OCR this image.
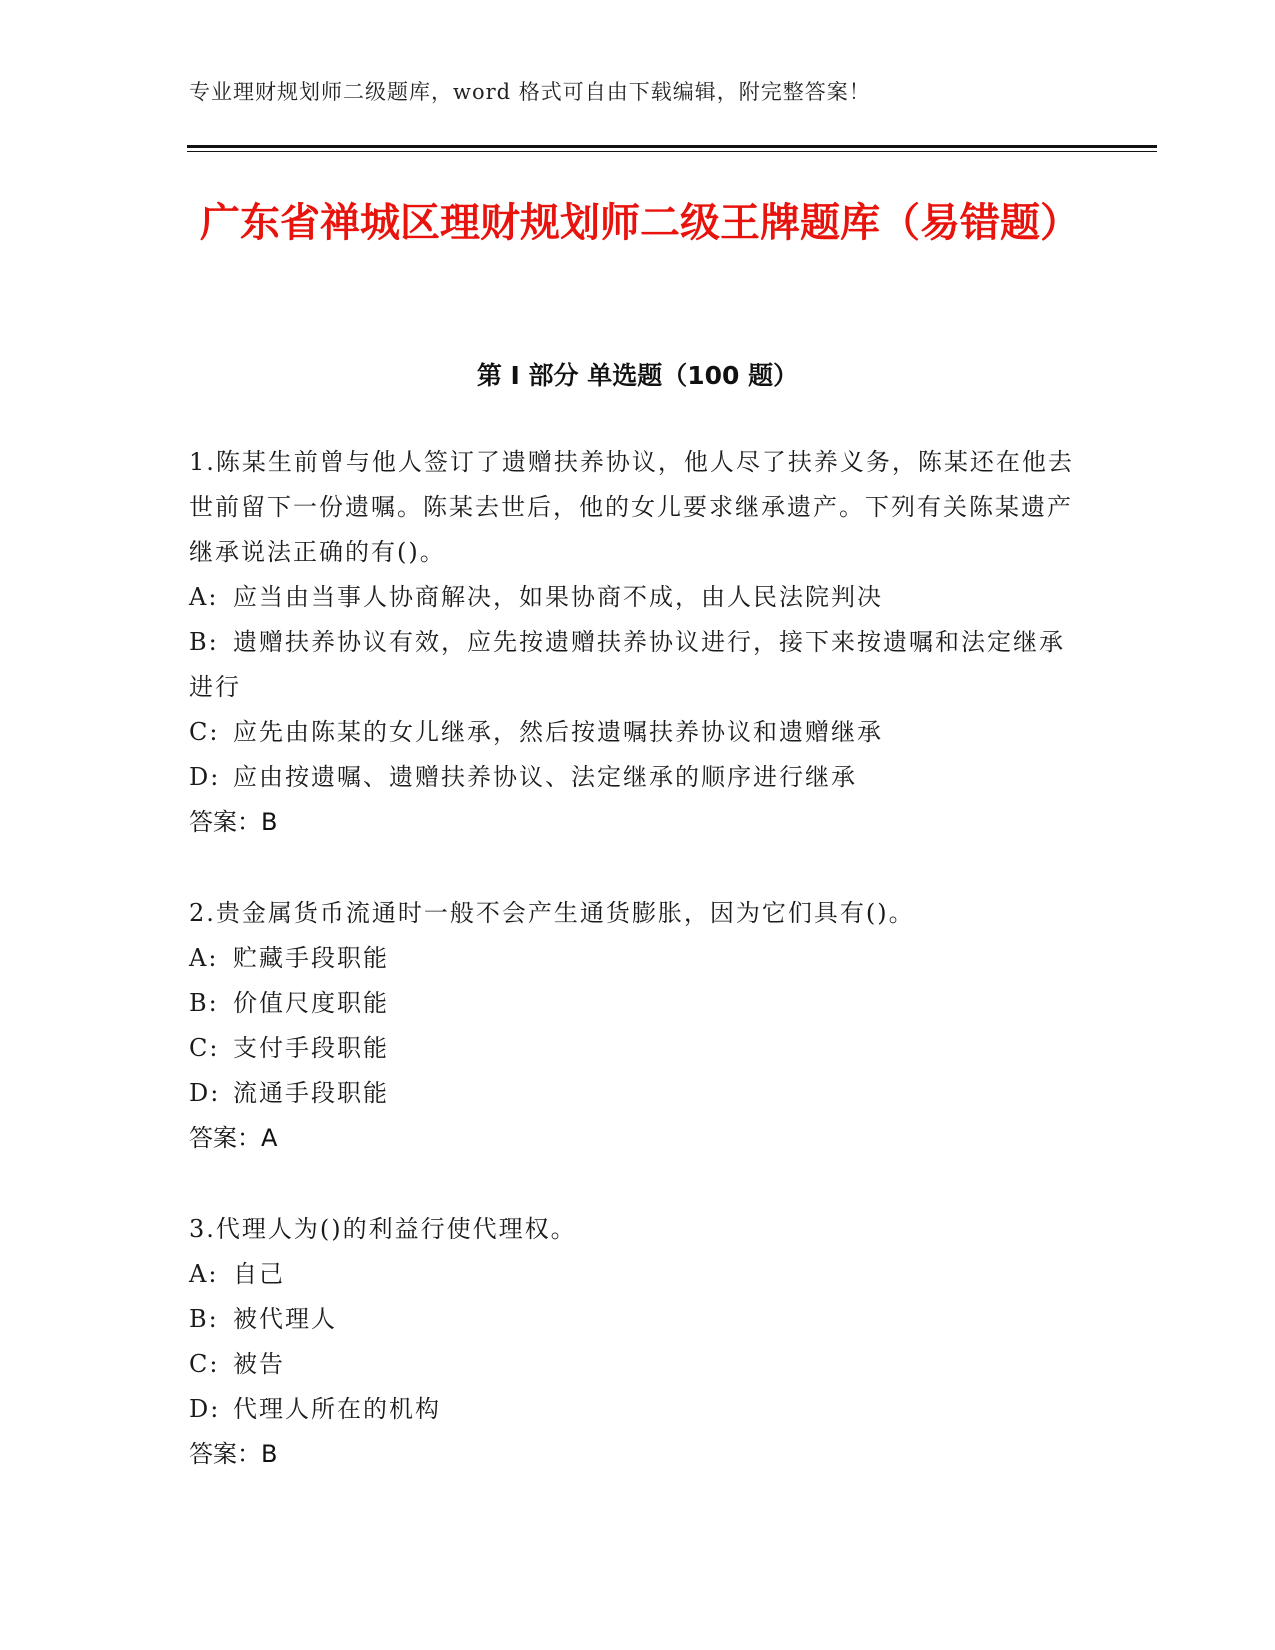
专业理财规划师二级题库，word 格式可自由下载编辑，附完整答案！
广东省禅城区理财规划师二级王牌题库（易错题）
第 I 部分 单选题（100 题）
1.陈某生前曾与他人签订了遗赠扶养协议，他人尽了扶养义务，陈某还在他去世前留下一份遗嘱。陈某去世后，他的女儿要求继承遗产。下列有关陈某遗产继承说法正确的有()。
A: 应当由当事人协商解决，如果协商不成，由人民法院判决
B: 遗赠扶养协议有效，应先按遗赠扶养协议进行，接下来按遗嘱和法定继承进行
C: 应先由陈某的女儿继承，然后按遗嘱扶养协议和遗赠继承
D: 应由按遗嘱、遗赠扶养协议、法定继承的顺序进行继承
答案：B
2.贵金属货币流通时一般不会产生通货膨胀，因为它们具有()。
A: 贮藏手段职能
B: 价值尺度职能
C: 支付手段职能
D: 流通手段职能
答案：A
3.代理人为()的利益行使代理权。
A: 自己
B: 被代理人
C: 被告
D: 代理人所在的机构
答案：B
